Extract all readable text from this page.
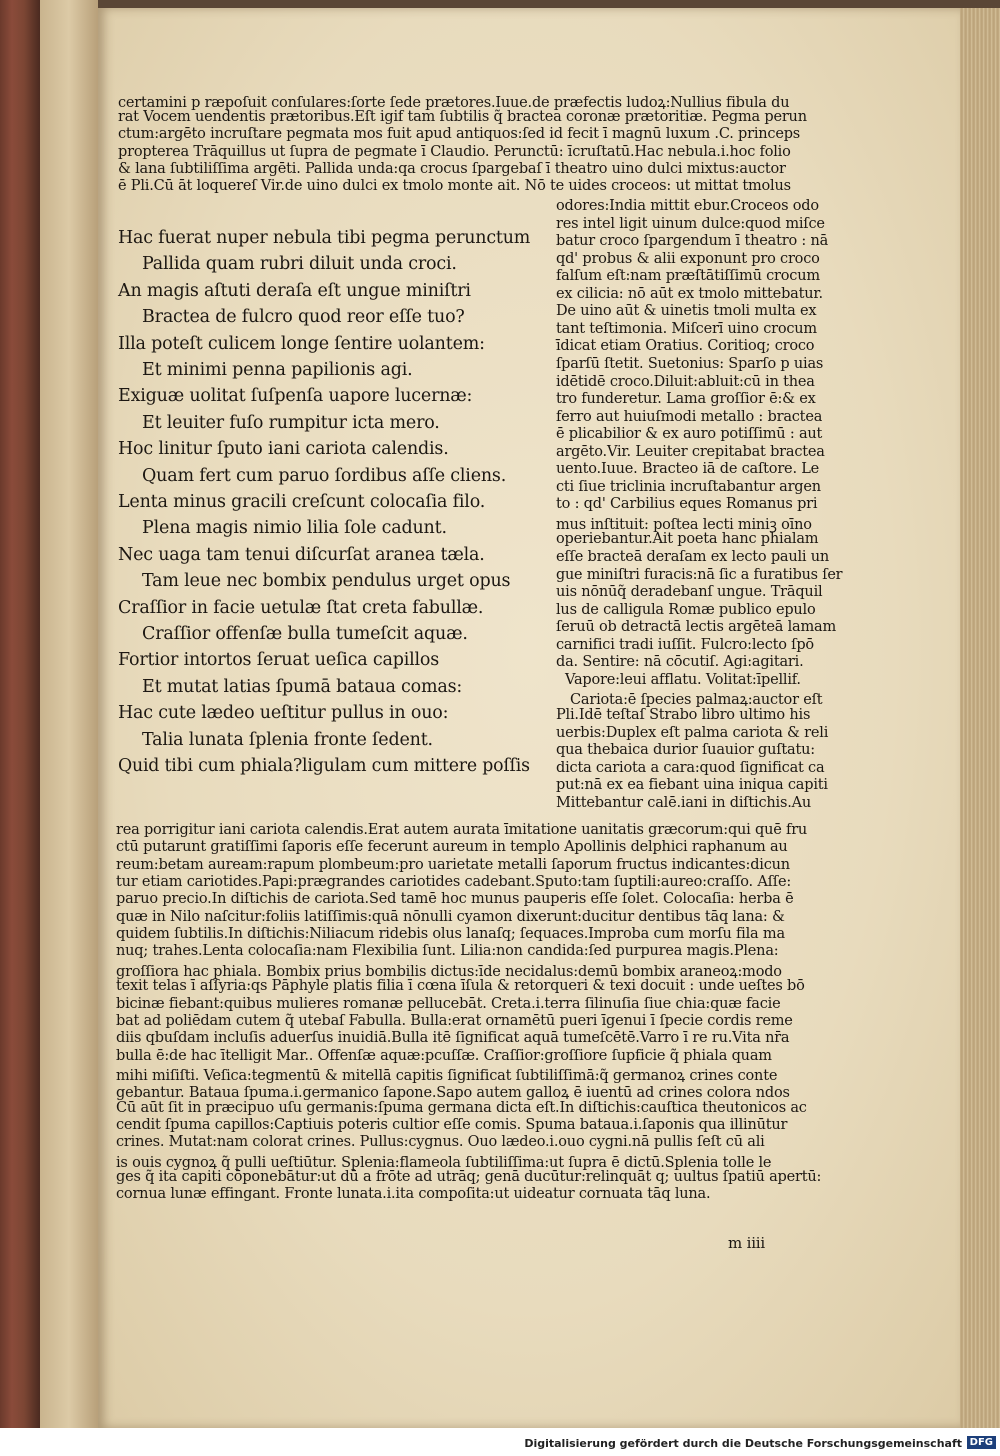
certamini p ræpoſuit conſulares:ſorte ſede prætores.Iuue.de præfectis ludoꝝ:Nullius fibula du
rat Vocem uendentis prætoribus.Eſt igif tam ſubtilis q̃ bractea coronæ prætoritiæ. Pegma perun
ctum:argēto incruſtare pegmata mos fuit apud antiquos:ſed id fecit ī magnū luxum .C. princeps
propterea Trāquillus ut ſupra de pegmate ī Claudio. Perunctū: īcruſtatū.Hac nebula.i.hoc folio
& lana ſubtiliſſima argēti. Pallida unda:qa crocus ſpargebaſ ī theatro uino dulci mixtus:auctor
ē Pli.Cū āt loquereſ Vir.de uino dulci ex tmolo monte ait. Nō te uides croceos: ut mittat tmolus
Hac fuerat nuper nebula tibi pegma perunctum
Pallida quam rubri diluit unda croci.
An magis aſtuti deraſa eſt ungue miniſtri
Bractea de fulcro quod reor eſſe tuo?
Illa poteſt culicem longe ſentire uolantem:
Et minimi penna papilionis agi.
Exiguæ uolitat ſuſpenſa uapore lucernæ:
Et leuiter fuſo rumpitur icta mero.
Hoc linitur ſputo iani cariota calendis.
Quam fert cum paruo ſordibus aſſe cliens.
Lenta minus gracili creſcunt colocaſia filo.
Plena magis nimio lilia ſole cadunt.
Nec uaga tam tenui diſcurſat aranea tæla.
Tam leue nec bombix pendulus urget opus
Craſſior in facie uetulæ ſtat creta fabullæ.
Craſſior offenſæ bulla tumeſcit aquæ.
Fortior intortos ſeruat ueſica capillos
Et mutat latias ſpumā batauа comas:
Hac cute lædeo ueſtitur pullus in ouo:
Talia lunata ſplenia fronte ſedent.
Quid tibi cum phiala?ligulam cum mittere poſſis
odores:India mittit ebur.Croceos odo
res intel ligit uinum dulce:quod miſce
batur croco ſpargendum ī theatro : nā
qd' probus & alii exponunt pro croco
falſum eſt:nam præſtātiſſimū crocum
ex cilicia: nō aūt ex tmolo mittebatur.
De uino aūt & uinetis tmoli multa ex
tant teſtimonia. Miſcerī uino crocum
īdicat etiam Oratius. Coritioq; croco
ſparſū ſtetit. Suetonius: Sparſo p uias
idētidē croco.Diluit:abluit:cū in thea
tro funderetur. Lama groſſior ē:& ex
ferro aut huiuſmodi metallo : bractea
ē plicabilior & ex auro potiſſimū : aut
argēto.Vir. Leuiter crepitabat bractea
uento.Iuue. Bracteo iā de caſtore. Le
cti ſiue triclinia incruſtabantur argen
to : qd' Carbilius eques Romanus pri
mus inſtituit: poſtea lecti miniꝫ oīno
operiebantur.Ait poeta hanc phialam
eſſe bracteā deraſam ex lecto pauli un
gue miniſtri furacis:nā ſic a furatibus ſer
uis nōnūq̃ deradebanſ ungue. Trāquil
lus de calligula Romæ publico epulo
ſeruū ob detractā lectis argēteā lamam
carnifici tradi iuſſit. Fulcro:lecto ſpō
da. Sentire: nā cōcutiſ. Agi:agitari.
Vapore:leui afflatu. Volitat:īpellif.
Cariota:ē ſpecies palmaꝝ:auctor eſt
Pli.Idē teſtaſ Strabo libro ultimo his
uerbis:Duplex eſt palma cariota & reli
qua thebaica durior ſuauior guſtatu:
dicta cariota a cara:quod ſignificat ca
put:nā ex ea fiebant uina iniqua capiti
Mittebantur calē.iani in diſtichis.Au
rea porrigitur iani cariota calendis.Erat autem aurata īmitatione uanitatis græcorum:qui quē fru
ctū putarunt gratiſſimi ſaporis eſſe fecerunt aureum in templo Apollinis delphici raphanum au
reum:betam auream:rapum plombeum:pro uarietate metalli ſaporum fructus indicantes:dicun
tur etiam cariotides.Papi:prægrandes cariotides cadebant.Sputo:tam ſuptili:aureo:craſſo. Aſſe:
paruo precio.In diſtichis de cariota.Sed tamē hoc munus pauperis eſſe ſolet. Colocaſia: herba ē
quæ in Nilo naſcitur:foliis latiſſimis:quā nōnulli cyamon dixerunt:ducitur dentibus tāq lana: &
quidem ſubtilis.In diſtichis:Niliacum ridebis olus lanaſq; ſequaces.Improba cum morſu fila ma
nuq; trahes.Lenta colocaſia:nam Flexibilia ſunt. Lilia:non candida:ſed purpurea magis.Plena:
groſſiora hac phiala. Bombix prius bombilis dictus:īde necidalus:demū bombix araneoꝝ:modo
texit telas ī aſſyria:qs Pāphyle platis filia ī cœna īſula & retorqueri & texi docuit : unde ueſtes bō
bicinæ fiebant:quibus mulieres romanæ pellucebāt. Creta.i.terra ſilinuſia ſiue chia:quæ facie
bat ad poliēdam cutem q̃ utebaſ Fabulla. Bulla:erat ornamētū pueri īgenui ī ſpecie cordis reme
diis qbuſdam incluſis aduerſus inuidiā.Bulla itē ſignificat aquā tumeſcētē.Varro ī re ru.Vita nr̄a
bulla ē:de hac ītelligit Mar.. Offenſæ aquæ:pcuſſæ. Craſſior:groſſiore ſupficie q̃ phiala quam
mihi miſiſti. Veſica:tegmentū & mitellā capitis ſignificat ſubtiliſſimā:q̃ germanoꝝ crines conte
gebantur. Batauа ſpuma.i.germanico ſapone.Sapo autem galloꝝ ē iuentū ad crines colora ndos
Cū aūt ſit in præcipuo uſu germanis:ſpuma germana dicta eſt.In diſtichis:cauſtica theutonicos ac
cendit ſpuma capillos:Captiuis poteris cultior eſſe comis. Spuma batauа.i.ſaponis qua illinūtur
crines. Mutat:nam colorat crines. Pullus:cygnus. Ouo lædeo.i.ouo cygni.nā pullis ſeſt cū ali
is ouis cygnoꝝ q̃ pulli ueſtiūtur. Splenia:flameola ſubtiliſſima:ut ſupra ē dictū.Splenia tolle le
ges q̃ ita capiti cōponebātur:ut dū a frōte ad utrāq; genā ducūtur:relinquāt q; uultus ſpatiū apertū:
cornua lunæ effingant. Fronte lunata.i.ita compoſita:ut uideatur cornuata tāq luna.
m iiii
Digitalisierung gefördert durch die Deutsche Forschungsgemeinschaft DFG
